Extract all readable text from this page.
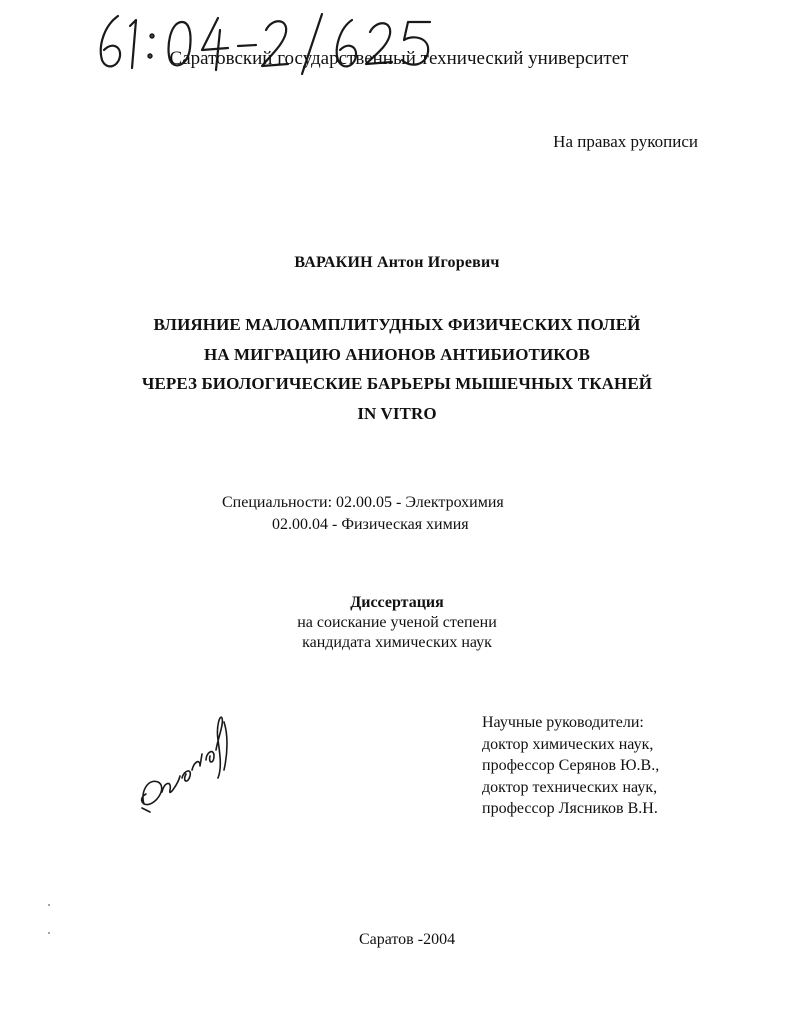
Саратовский государственный технический университет
На правах рукописи
ВАРАКИН Антон Игоревич
ВЛИЯНИЕ МАЛОАМПЛИТУДНЫХ ФИЗИЧЕСКИХ ПОЛЕЙ
НА МИГРАЦИЮ АНИОНОВ АНТИБИОТИКОВ
ЧЕРЕЗ БИОЛОГИЧЕСКИЕ БАРЬЕРЫ МЫШЕЧНЫХ ТКАНЕЙ
IN VITRO
Специальности: 02.00.05 - Электрохимия
02.00.04 - Физическая химия
Диссертация
на соискание ученой степени
кандидата химических наук
Научные руководители:
доктор химических наук,
профессор Серянов Ю.В.,
доктор технических наук,
профессор Лясников В.Н.
Саратов -2004
